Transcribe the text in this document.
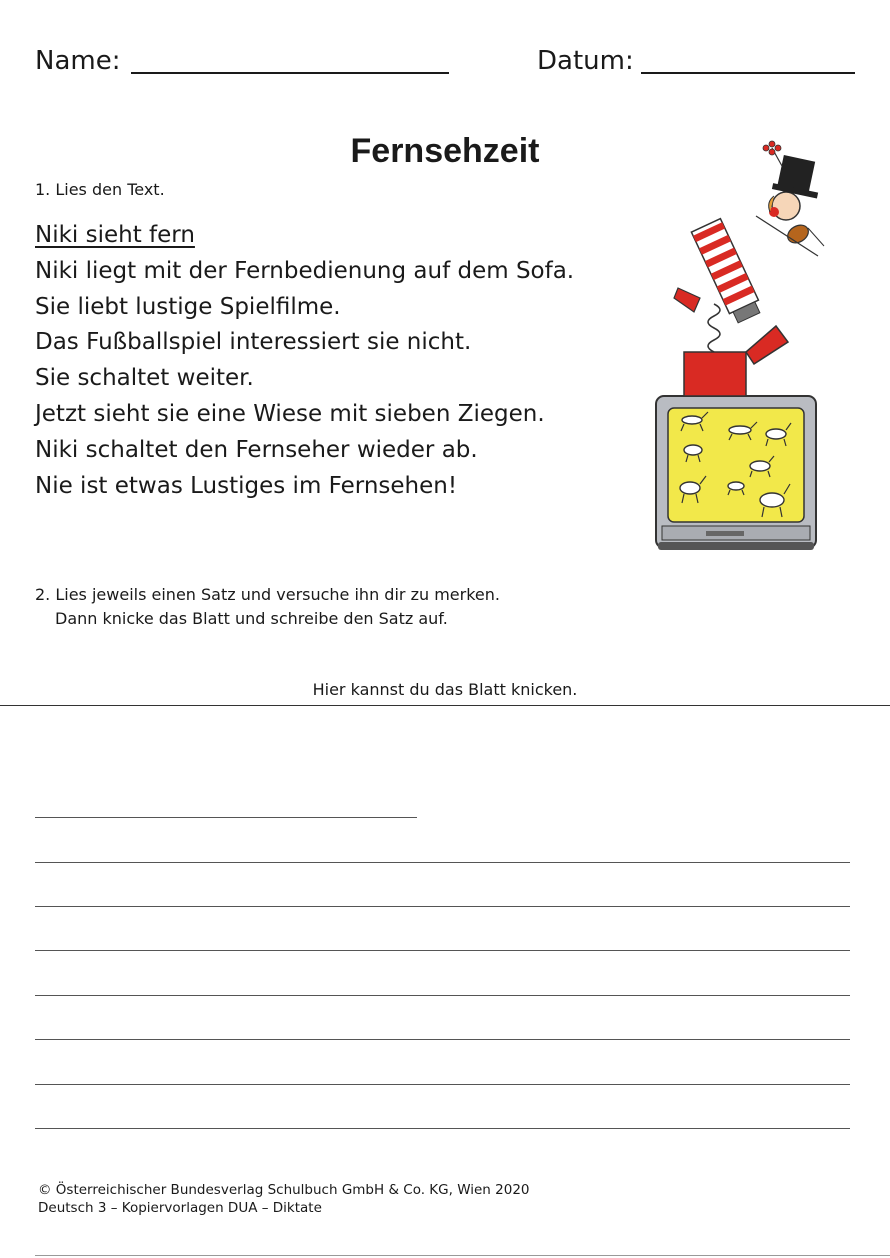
Name:	Datum:
Fernsehzeit
1. Lies den Text.
Niki sieht fern
Niki liegt mit der Fernbedienung auf dem Sofa.
Sie liebt lustige Spielfilme.
Das Fußballspiel interessiert sie nicht.
Sie schaltet weiter.
Jetzt sieht sie eine Wiese mit sieben Ziegen.
Niki schaltet den Fernseher wieder ab.
Nie ist etwas Lustiges im Fernsehen!
2. Lies jeweils einen Satz und versuche ihn dir zu merken.
Dann knicke das Blatt und schreibe den Satz auf.
Hier kannst du das Blatt knicken.
© Österreichischer Bundesverlag Schulbuch GmbH & Co. KG, Wien 2020
Deutsch 3 – Kopiervorlagen DUA – Diktate
